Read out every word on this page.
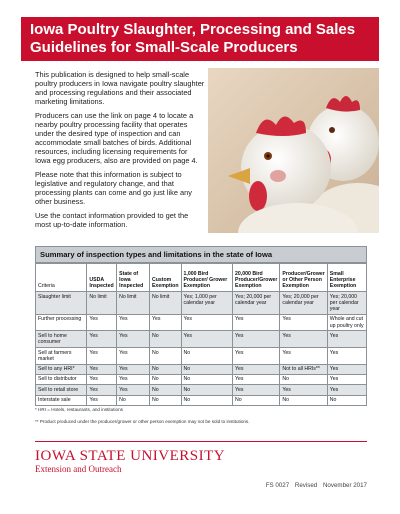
Iowa Poultry Slaughter, Processing and Sales Guidelines for Small-Scale Producers

This publication is designed to help small-scale poultry producers in Iowa navigate poultry slaughter and processing regulations and their associated marketing limitations.

Producers can use the link on page 4 to locate a nearby poultry processing facility that operates under the desired type of inspection and can accommodate small batches of birds. Additional resources, including licensing requirements for Iowa egg producers, also are provided on page 4.

Please note that this information is subject to legislative and regulatory change, and that processing plants can come and go just like any other business.

Use the contact information provided to get the most up-to-date information.

Summary of inspection types and limitations in the state of Iowa
Criteria	USDA Inspected	State of Iowa Inspected	Custom Exemption	1,000 Bird Producer/ Grower Exemption	20,000 Bird Producer/Grower Exemption	Producer/Grower or Other Person Exemption	Small Enterprise Exemption
Slaughter limit	No limit	No limit	No limit	Yes; 1,000 per calendar year	Yes; 20,000 per calendar year	Yes; 20,000 per calendar year	Yes; 20,000 per calendar year
Further processing	Yes	Yes	Yes	Yes	Yes	Yes	Whole and cut up poultry only
Sell to home consumer	Yes	Yes	No	Yes	Yes	Yes	Yes
Sell at farmers market	Yes	Yes	No	No	Yes	Yes	Yes
Sell to any HRI*	Yes	Yes	No	No	Yes	Not to all HRIs**	Yes
Sell to distributor	Yes	Yes	No	No	Yes	No	Yes
Sell to retail store	Yes	Yes	No	No	Yes	Yes	Yes
Interstate sale	Yes	No	No	No	No	No	No

* HRI = Hotels, restaurants, and institutions

** Product produced under the producer/grower or other person exemption may not be sold to institutions.

IOWA STATE UNIVERSITY
Extension and Outreach
FS 0027 Revised November 2017
